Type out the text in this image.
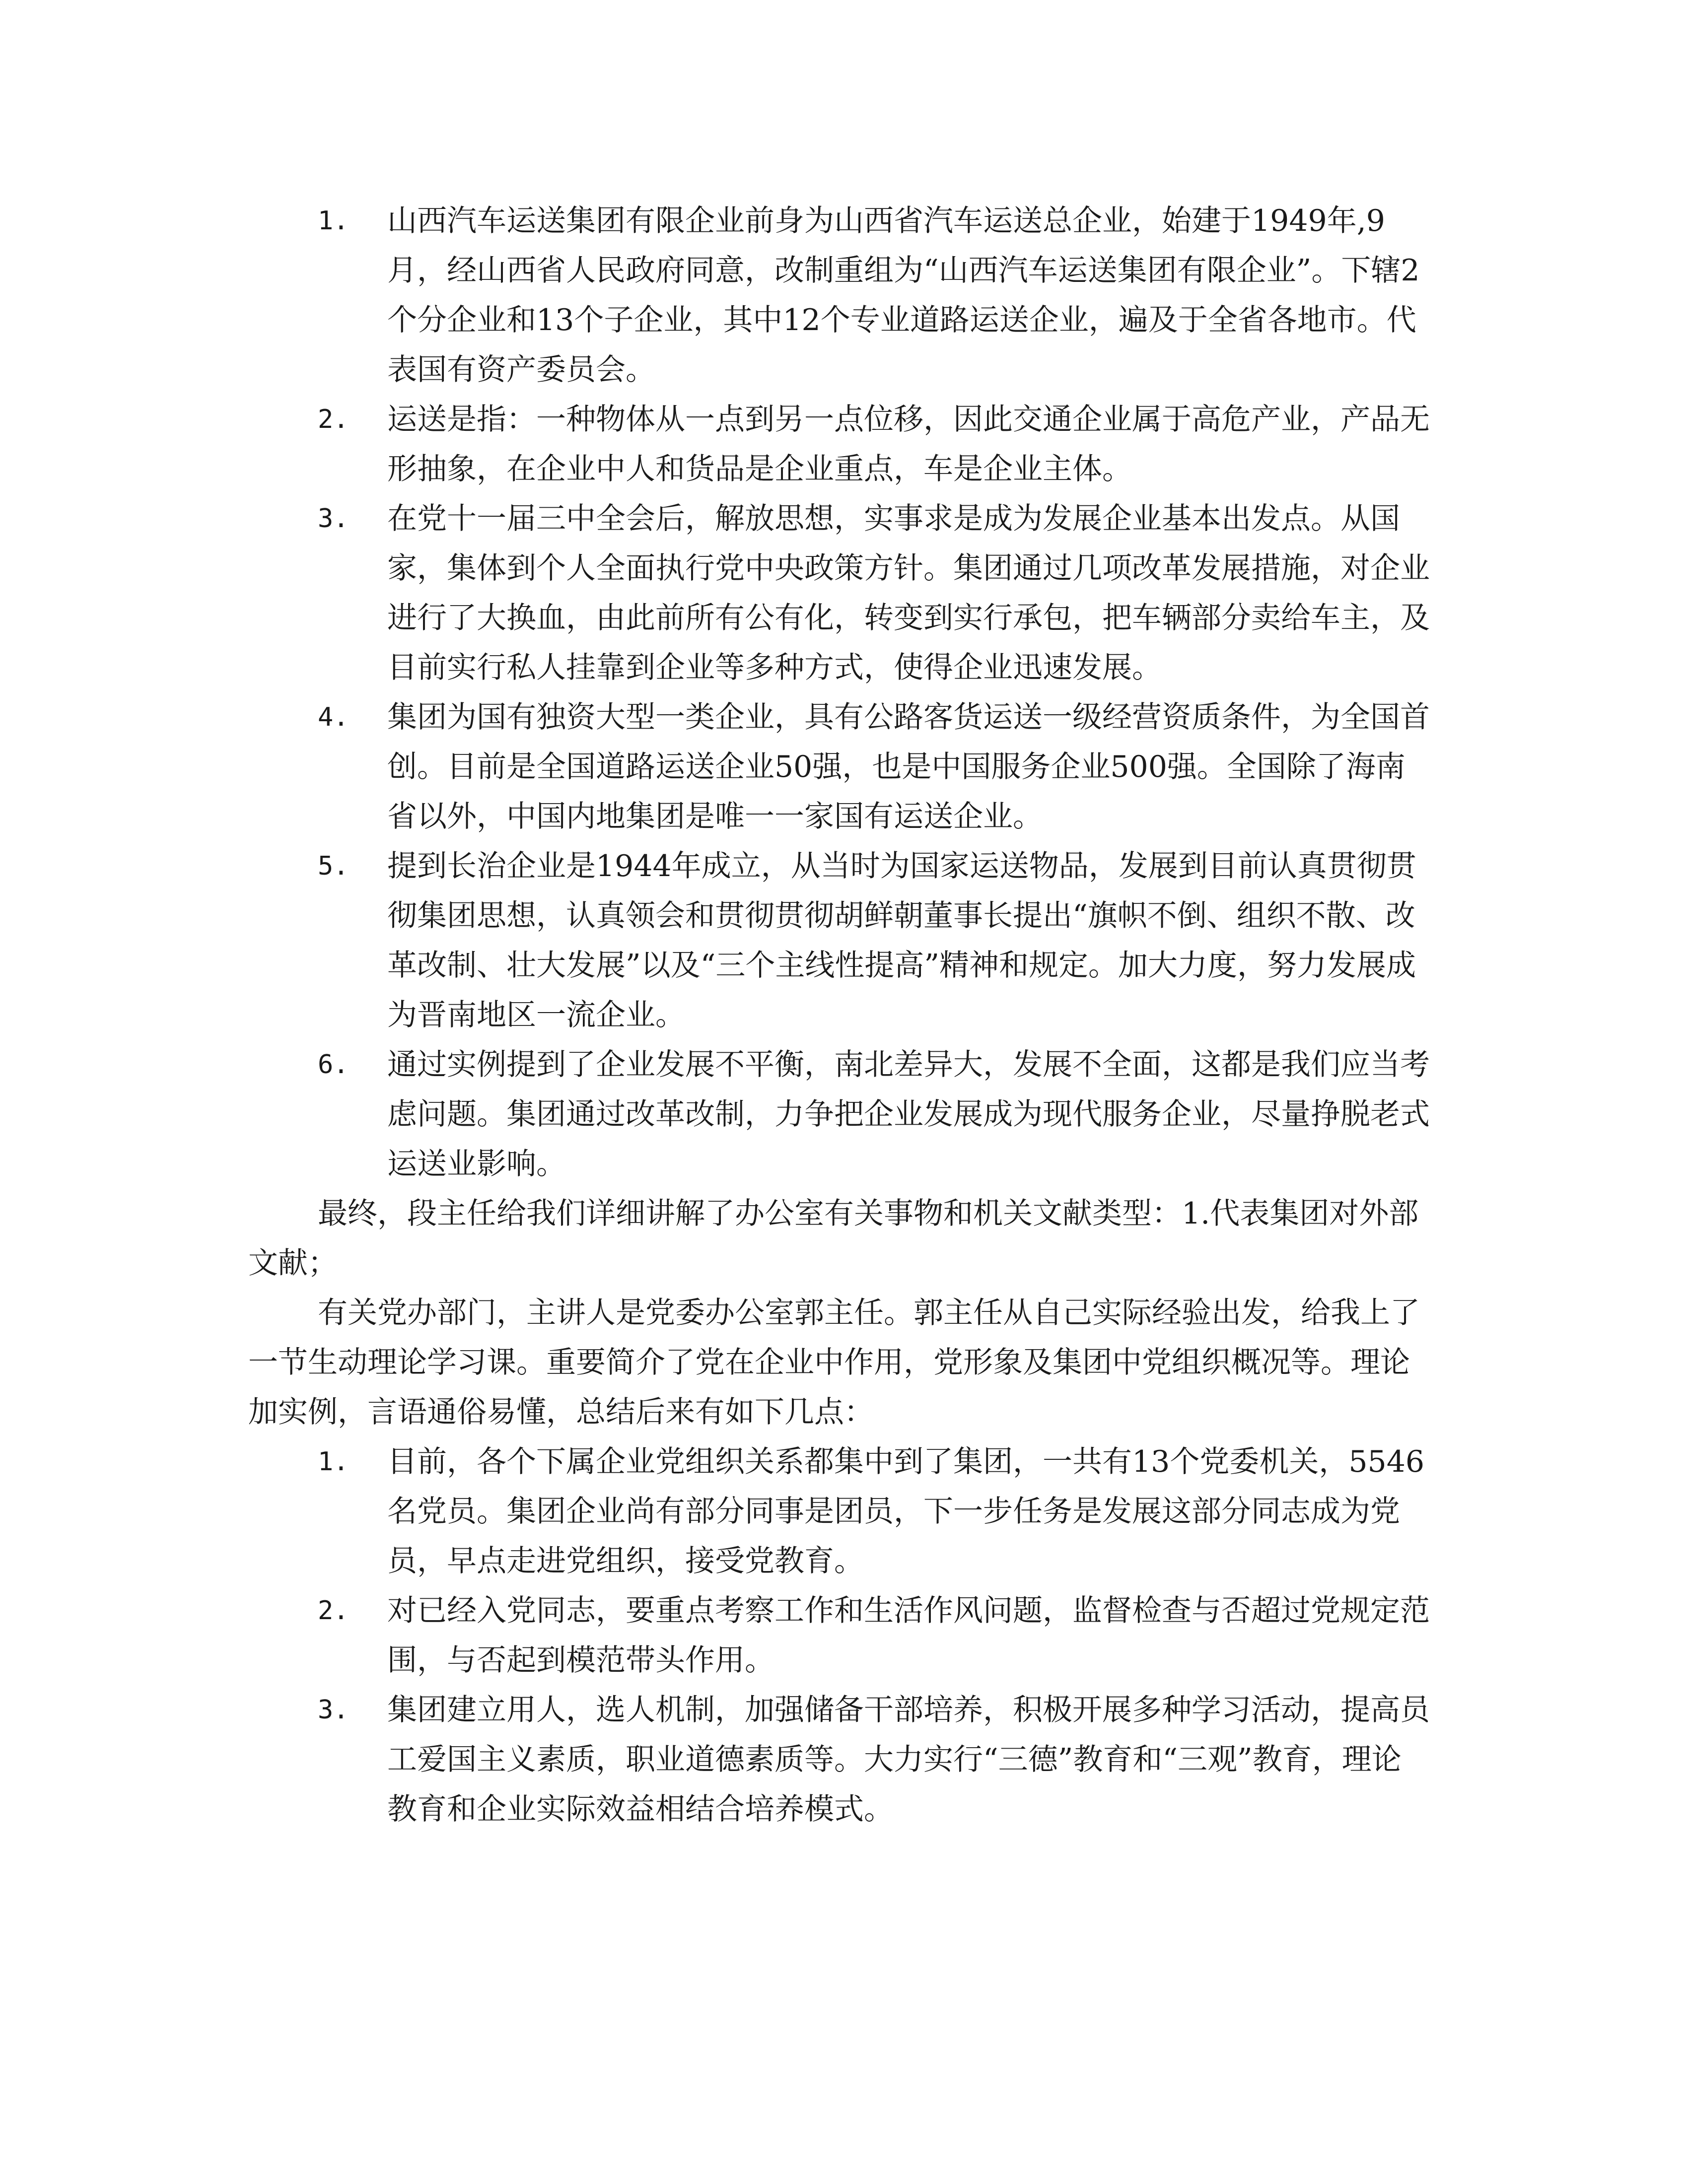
1.	山西汽车运送集团有限企业前身为山西省汽车运送总企业，始建于1949年,9月，经山西省人民政府同意，改制重组为“山西汽车运送集团有限企业”。下辖2个分企业和13个子企业，其中12个专业道路运送企业，遍及于全省各地市。代表国有资产委员会。
2.	运送是指：一种物体从一点到另一点位移，因此交通企业属于高危产业，产品无形抽象，在企业中人和货品是企业重点，车是企业主体。
3.	在党十一届三中全会后，解放思想，实事求是成为发展企业基本出发点。从国家，集体到个人全面执行党中央政策方针。集团通过几项改革发展措施，对企业进行了大换血，由此前所有公有化，转变到实行承包，把车辆部分卖给车主，及目前实行私人挂靠到企业等多种方式，使得企业迅速发展。
4.	集团为国有独资大型一类企业，具有公路客货运送一级经营资质条件，为全国首创。目前是全国道路运送企业50强，也是中国服务企业500强。全国除了海南省以外，中国内地集团是唯一一家国有运送企业。
5.	提到长治企业是1944年成立，从当时为国家运送物品，发展到目前认真贯彻贯彻集团思想，认真领会和贯彻贯彻胡鲜朝董事长提出“旗帜不倒、组织不散、改革改制、壮大发展”以及“三个主线性提高”精神和规定。加大力度，努力发展成为晋南地区一流企业。
6.	通过实例提到了企业发展不平衡，南北差异大，发展不全面，这都是我们应当考虑问题。集团通过改革改制，力争把企业发展成为现代服务企业，尽量挣脱老式运送业影响。

最终，段主任给我们详细讲解了办公室有关事物和机关文献类型：1.代表集团对外部文献；

有关党办部门，主讲人是党委办公室郭主任。郭主任从自己实际经验出发，给我上了一节生动理论学习课。重要简介了党在企业中作用，党形象及集团中党组织概况等。理论加实例，言语通俗易懂，总结后来有如下几点：

1.	目前，各个下属企业党组织关系都集中到了集团，一共有13个党委机关，5546名党员。集团企业尚有部分同事是团员，下一步任务是发展这部分同志成为党员，早点走进党组织，接受党教育。
2.	对已经入党同志，要重点考察工作和生活作风问题，监督检查与否超过党规定范围，与否起到模范带头作用。
3.	集团建立用人，选人机制，加强储备干部培养，积极开展多种学习活动，提高员工爱国主义素质，职业道德素质等。大力实行“三德”教育和“三观”教育，理论教育和企业实际效益相结合培养模式。
